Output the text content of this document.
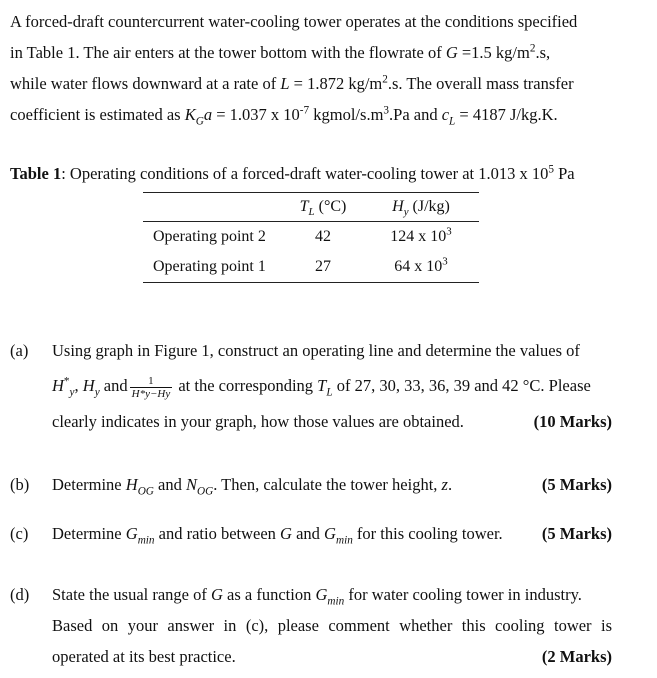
A forced-draft countercurrent water-cooling tower operates at the conditions specified

in Table 1. The air enters at the tower bottom with the flowrate of G =1.5 $kg/m^2.s$,

while water flows downward at a rate of L = 1.872 $kg/m^2.s$. The overall mass transfer

coefficient is estimated as $K_Ga = 1.037$ x $10^{-7}$ kgmol/$s.m^3.Pa$ and $c_L = 4187$ J/kg.K.

Table 1: Operating conditions of a forced-draft water-cooling tower at 1.013 x $10^5$ Pa
	$T_L$ (°C)	$H_y$ (J/kg)
Operating point 2	42	124 x $10^3$
Operating point 1	27	64 x $10^3$
(a)	Using graph in Figure 1, construct an operating line and determine the values of
$H^*_y$, $H_y$ and $\frac{1}{H*y-Hy}$ at the corresponding $T_L$ of 27, 30, 33, 36, 39 and 42 °C. Please
clearly indicates in your graph, how those values are obtained.	(10 Marks)
(b)	Determine $H_{OG}$ and $N_{OG}$. Then, calculate the tower height, z.	(5 Marks)
(c)	Determine $G_{min}$ and ratio between G and $G_{min}$ for this cooling tower. (5 Marks)
(d)	State the usual range of G as a function $G_{min}$ for water cooling tower in industry.
Based on your answer in (c), please comment whether this cooling tower is
operated at its best practice.	(2 Marks)
